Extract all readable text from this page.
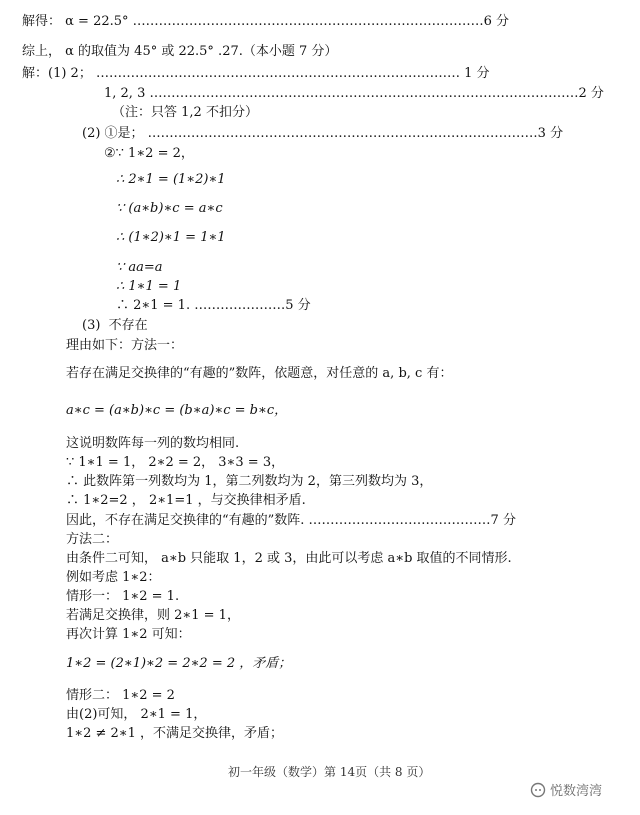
解得： α = 22.5° ………………………………………………………………………6 分
综上， α 的取值为 45° 或 22.5° .27.（本小题 7 分）
解：(1) 2； ………………………………………………………………………… 1 分
1, 2, 3 ………………………………………………………………………………………2 分
（注：只答 1,2 不扣分）
(2) ①是； ………………………………………………………………………………3 分
②∵ 1∗2 = 2，
∴ 2∗1 = (1∗2)∗1
∵ (a∗b)∗c = a∗c
∴ (1∗2)∗1 = 1∗1
∵ aa=a
∴ 1∗1 = 1
∴ 2∗1 = 1. …………………5 分
(3)  不存在
理由如下：方法一：
若存在满足交换律的“有趣的”数阵，依题意，对任意的 a, b, c 有：
a∗c = (a∗b)∗c = (b∗a)∗c = b∗c，
这说明数阵每一列的数均相同.
∵ 1∗1 = 1， 2∗2 = 2， 3∗3 = 3，
∴ 此数阵第一列数均为 1，第二列数均为 2，第三列数均为 3，
∴ 1∗2=2 ， 2∗1=1 ，与交换律相矛盾.
因此，不存在满足交换律的“有趣的”数阵. ……………………………………7 分
方法二：
由条件二可知， a∗b 只能取 1，2 或 3，由此可以考虑 a∗b 取值的不同情形.
例如考虑 1∗2：
情形一： 1∗2 = 1.
若满足交换律，则 2∗1 = 1，
再次计算 1∗2 可知：
1∗2 = (2∗1)∗2 = 2∗2 = 2 ，矛盾；
情形二： 1∗2 = 2
由(2)可知， 2∗1 = 1，
1∗2 ≠ 2∗1 ，不满足交换律，矛盾；
初一年级（数学）第 14页（共 8 页）
悦数湾湾
